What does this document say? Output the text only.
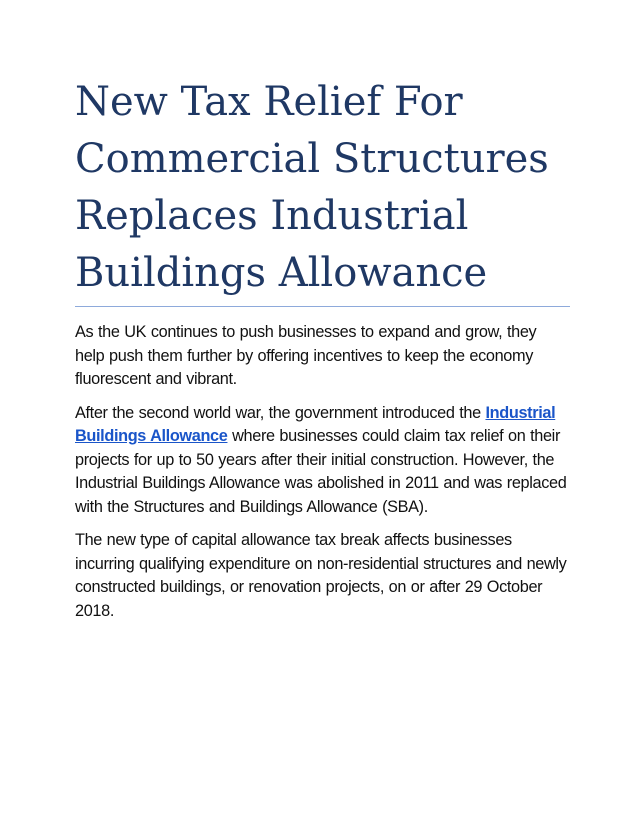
New Tax Relief For Commercial Structures Replaces Industrial Buildings Allowance

As the UK continues to push businesses to expand and grow, they help push them further by offering incentives to keep the economy fluorescent and vibrant.

After the second world war, the government introduced the Industrial Buildings Allowance where businesses could claim tax relief on their projects for up to 50 years after their initial construction. However, the Industrial Buildings Allowance was abolished in 2011 and was replaced with the Structures and Buildings Allowance (SBA).

The new type of capital allowance tax break affects businesses incurring qualifying expenditure on non-residential structures and newly constructed buildings, or renovation projects, on or after 29 October 2018.
